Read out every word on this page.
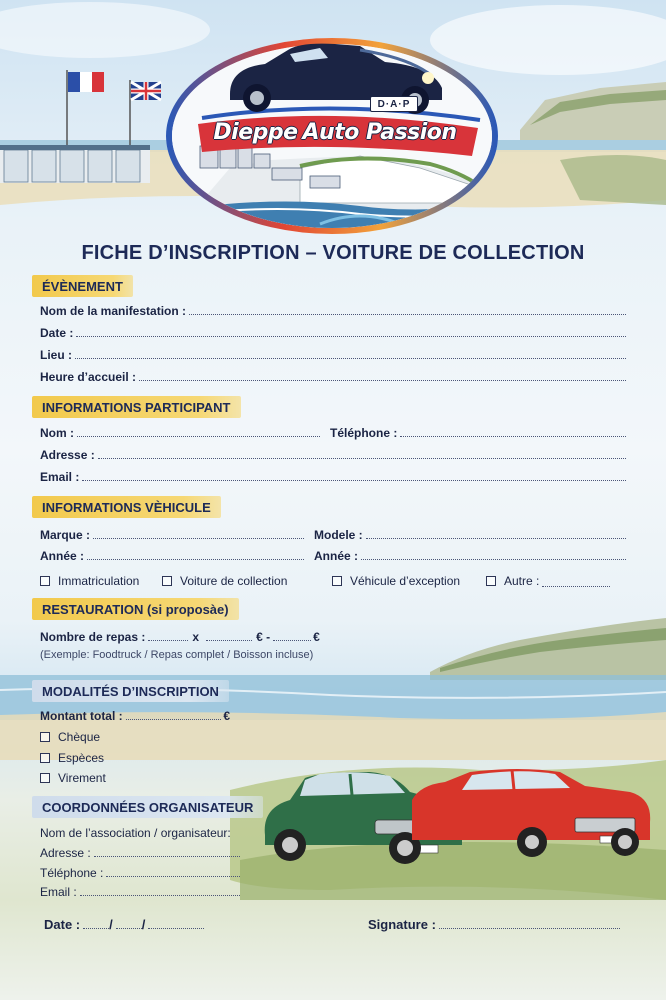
D·A·P
Dieppe Auto Passion
FICHE D’INSCRIPTION – VOITURE DE COLLECTION
ÉVÈNEMENT
Nom de la manifestation :
Date :
Lieu :
Heure d’accueil :
INFORMATIONS PARTICIPANT
Nom :	Téléphone :
Adresse :
Email :
INFORMATIONS VÈHICULE
Marque :	Modele :
Année :	Année :
Immatriculation	Voiture de collection	Véhicule d’exception	Autre :
RESTAURATION (si proposàe)
Nombre de repas :	x	€ -	€
(Exemple: Foodtruck / Repas complet / Boisson incluse)
MODALITÉS D’INSCRIPTION
Montant total :	€
Chèque
Espèces
Virement
COORDONNÉES ORGANISATEUR
Nom de l’association / organisateur:
Adresse :
Téléphone :
Email :
Date : / /	Signature :
